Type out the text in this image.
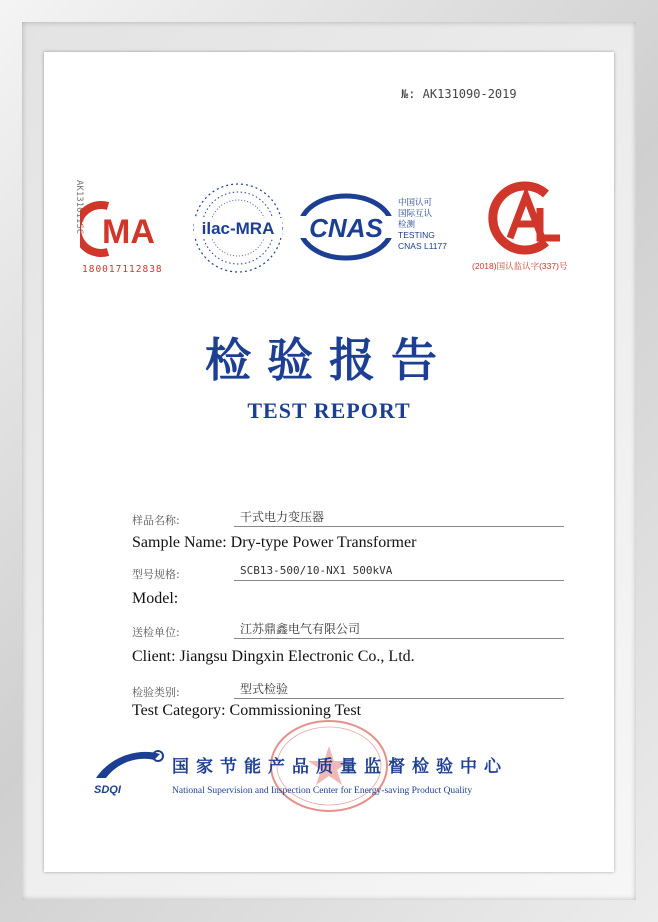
№: AK131090-2019
AK131011SC MA
180017112838
ilac-MRA CNAS
中国认可
国际互认
检测
TESTING
CNAS L1177
(2018)国认监认字(337)号
检验报告
TEST REPORT
样品名称:	干式电力变压器
Sample Name: Dry-type Power Transformer
型号规格:	SCB13-500/10-NX1 500kVA
Model:
送检单位:	江苏鼎鑫电气有限公司
Client: Jiangsu Dingxin Electronic Co., Ltd.
检验类别:	型式检验
Test Category: Commissioning Test
SDQI
国家节能产品质量监督检验中心
National Supervision and Inspection Center for Energy-saving Product Quality
